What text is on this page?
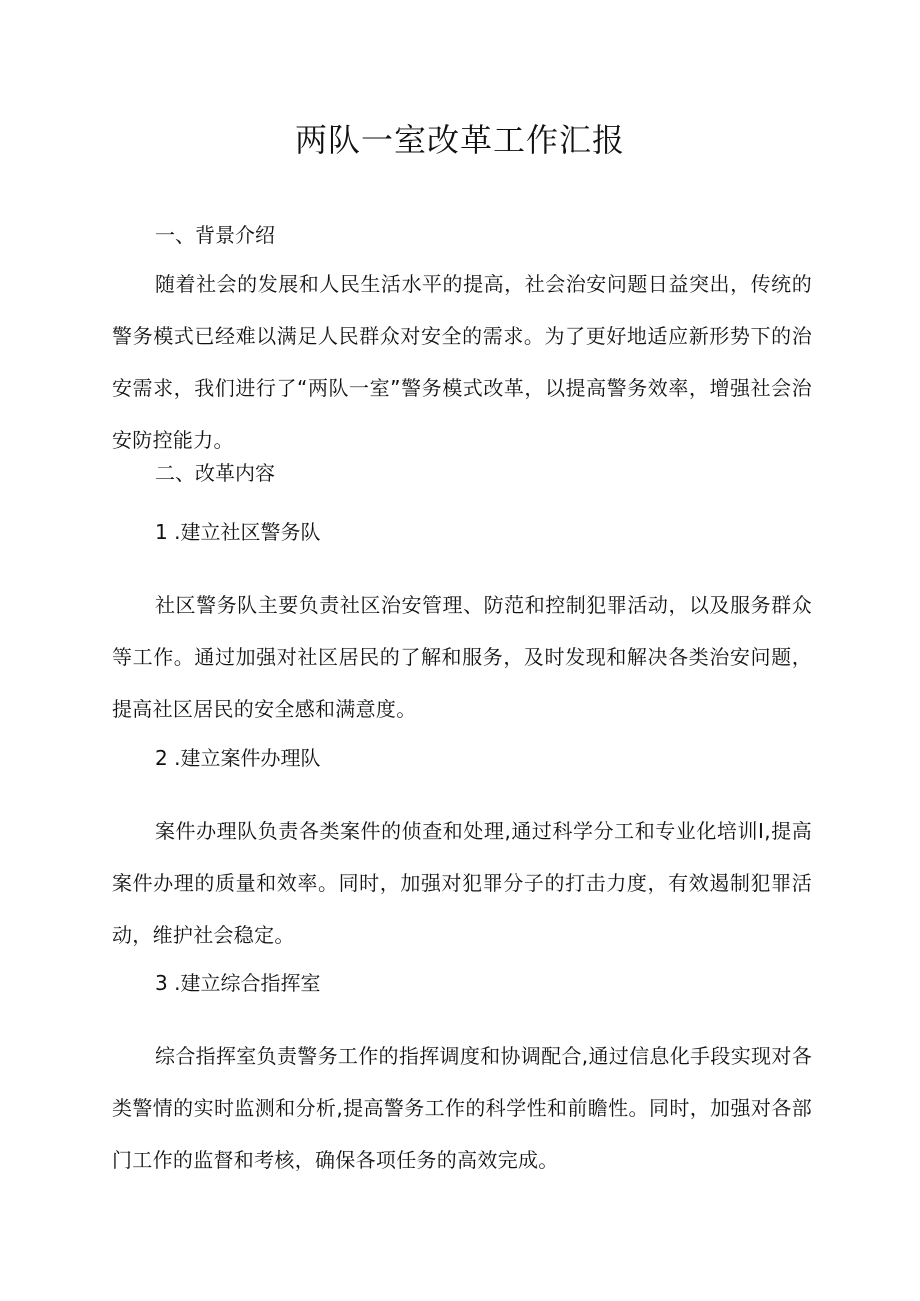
两队一室改革工作汇报
一、背景介绍
随着社会的发展和人民生活水平的提高，社会治安问题日益突出，传统的警务模式已经难以满足人民群众对安全的需求。为了更好地适应新形势下的治安需求，我们进行了“两队一室”警务模式改革，以提高警务效率，增强社会治安防控能力。
二、改革内容
1 .建立社区警务队
社区警务队主要负责社区治安管理、防范和控制犯罪活动，以及服务群众等工作。通过加强对社区居民的了解和服务，及时发现和解决各类治安问题，提高社区居民的安全感和满意度。
2 .建立案件办理队
案件办理队负责各类案件的侦查和处理,通过科学分工和专业化培训I,提高案件办理的质量和效率。同时，加强对犯罪分子的打击力度，有效遏制犯罪活动，维护社会稳定。
3 .建立综合指挥室
综合指挥室负责警务工作的指挥调度和协调配合,通过信息化手段实现对各类警情的实时监测和分析,提高警务工作的科学性和前瞻性。同时，加强对各部门工作的监督和考核，确保各项任务的高效完成。
